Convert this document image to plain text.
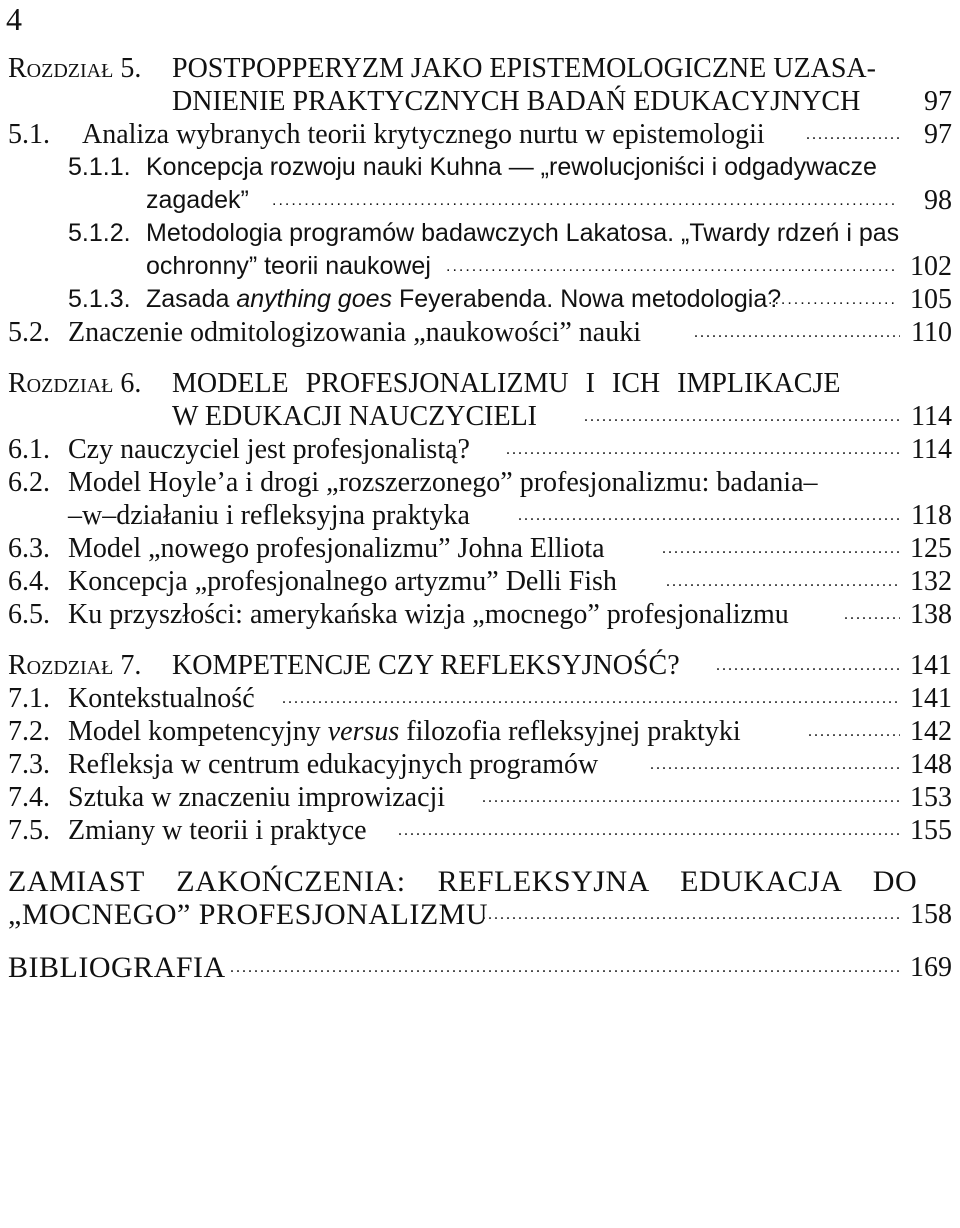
4
Rozdział 5. POSTPOPPERYZM JAKO EPISTEMOLOGICZNE UZASA-
DNIENIE PRAKTYCZNYCH BADAŃ EDUKACYJNYCH 97
5.1. Analiza wybranych teorii krytycznego nurtu w epistemologii .....	97
5.1.1. Koncepcja rozwoju nauki Kuhna — „rewolucjoniści i odgadywacze
zagadek” .....	98
5.1.2. Metodologia programów badawczych Lakatosa. „Twardy rdzeń i pas
ochronny” teorii naukowej .....	102
5.1.3. Zasada anything goes Feyerabenda. Nowa metodologia? .....	105
5.2. Znaczenie odmitologizowania „naukowości” nauki .....	110
Rozdział 6. MODELE PROFESJONALIZMU I ICH IMPLIKACJE
W EDUKACJI NAUCZYCIELI .....	114
6.1. Czy nauczyciel jest profesjonalistą? .....	114
6.2. Model Hoyle’a i drogi „rozszerzonego” profesjonalizmu: badania–
–w–działaniu i refleksyjna praktyka .....	118
6.3. Model „nowego profesjonalizmu” Johna Elliota .....	125
6.4. Koncepcja „profesjonalnego artyzmu” Delli Fish .....	132
6.5. Ku przyszłości: amerykańska wizja „mocnego” profesjonalizmu .....	138
Rozdział 7. KOMPETENCJE CZY REFLEKSYJNOŚĆ? .....	141
7.1. Kontekstualność .....	141
7.2. Model kompetencyjny versus filozofia refleksyjnej praktyki .....	142
7.3. Refleksja w centrum edukacyjnych programów .....	148
7.4. Sztuka w znaczeniu improwizacji .....	153
7.5. Zmiany w teorii i praktyce .....	155
ZAMIAST ZAKOŃCZENIA: REFLEKSYJNA EDUKACJA DO
„MOCNEGO” PROFESJONALIZMU .....	158
BIBLIOGRAFIA .....	169
